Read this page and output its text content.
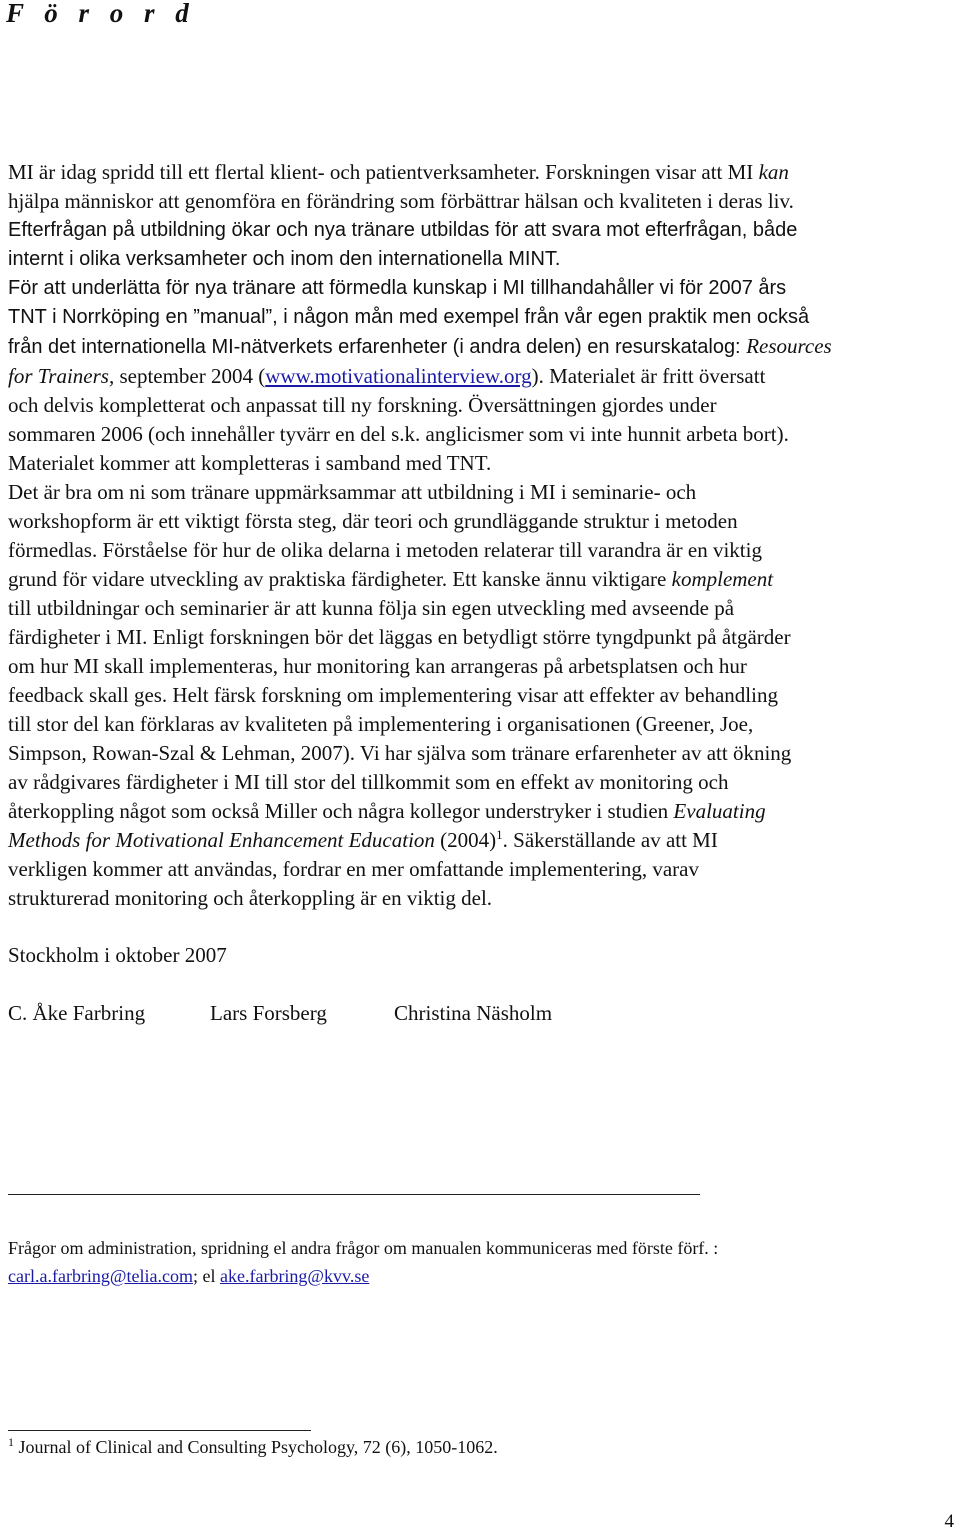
F ö r o r d
MI är idag spridd till ett flertal klient- och patientverksamheter. Forskningen visar att MI kan
hjälpa människor att genomföra en förändring som förbättrar hälsan och kvaliteten i deras liv.
Efterfrågan på utbildning ökar och nya tränare utbildas för att svara mot efterfrågan, både
internt i olika verksamheter och inom den internationella MINT.
För att underlätta för nya tränare att förmedla kunskap i MI tillhandahåller vi för 2007 års
TNT i Norrköping en ”manual”, i någon mån med exempel från vår egen praktik men också
från det internationella MI-nätverkets erfarenheter (i andra delen) en resurskatalog: Resources
for Trainers, september 2004 (www.motivationalinterview.org). Materialet är fritt översatt
och delvis kompletterat och anpassat till ny forskning. Översättningen gjordes under
sommaren 2006 (och innehåller tyvärr en del s.k. anglicismer som vi inte hunnit arbeta bort).
Materialet kommer att kompletteras i samband med TNT.
Det är bra om ni som tränare uppmärksammar att utbildning i MI i seminarie- och
workshopform är ett viktigt första steg, där teori och grundläggande struktur i metoden
förmedlas. Förståelse för hur de olika delarna i metoden relaterar till varandra är en viktig
grund för vidare utveckling av praktiska färdigheter. Ett kanske ännu viktigare komplement
till utbildningar och seminarier är att kunna följa sin egen utveckling med avseende på
färdigheter i MI. Enligt forskningen bör det läggas en betydligt större tyngdpunkt på åtgärder
om hur MI skall implementeras, hur monitoring kan arrangeras på arbetsplatsen och hur
feedback skall ges. Helt färsk forskning om implementering visar att effekter av behandling
till stor del kan förklaras av kvaliteten på implementering i organisationen (Greener, Joe,
Simpson, Rowan-Szal & Lehman, 2007). Vi har själva som tränare erfarenheter av att ökning
av rådgivares färdigheter i MI till stor del tillkommit som en effekt av monitoring och
återkoppling något som också Miller och några kollegor understryker i studien Evaluating
Methods for Motivational Enhancement Education $(2004)^1$. Säkerställande av att MI
verkligen kommer att användas, fordrar en mer omfattande implementering, varav
strukturerad monitoring och återkoppling är en viktig del.
Stockholm i oktober 2007
C. Åke Farbring	Lars Forsberg	Christina Näsholm
Frågor om administration, spridning el andra frågor om manualen kommuniceras med förste förf. :
carl.a.farbring@telia.com; el ake.farbring@kvv.se
$^1$ Journal of Clinical and Consulting Psychology, 72 (6), 1050-1062.
4
